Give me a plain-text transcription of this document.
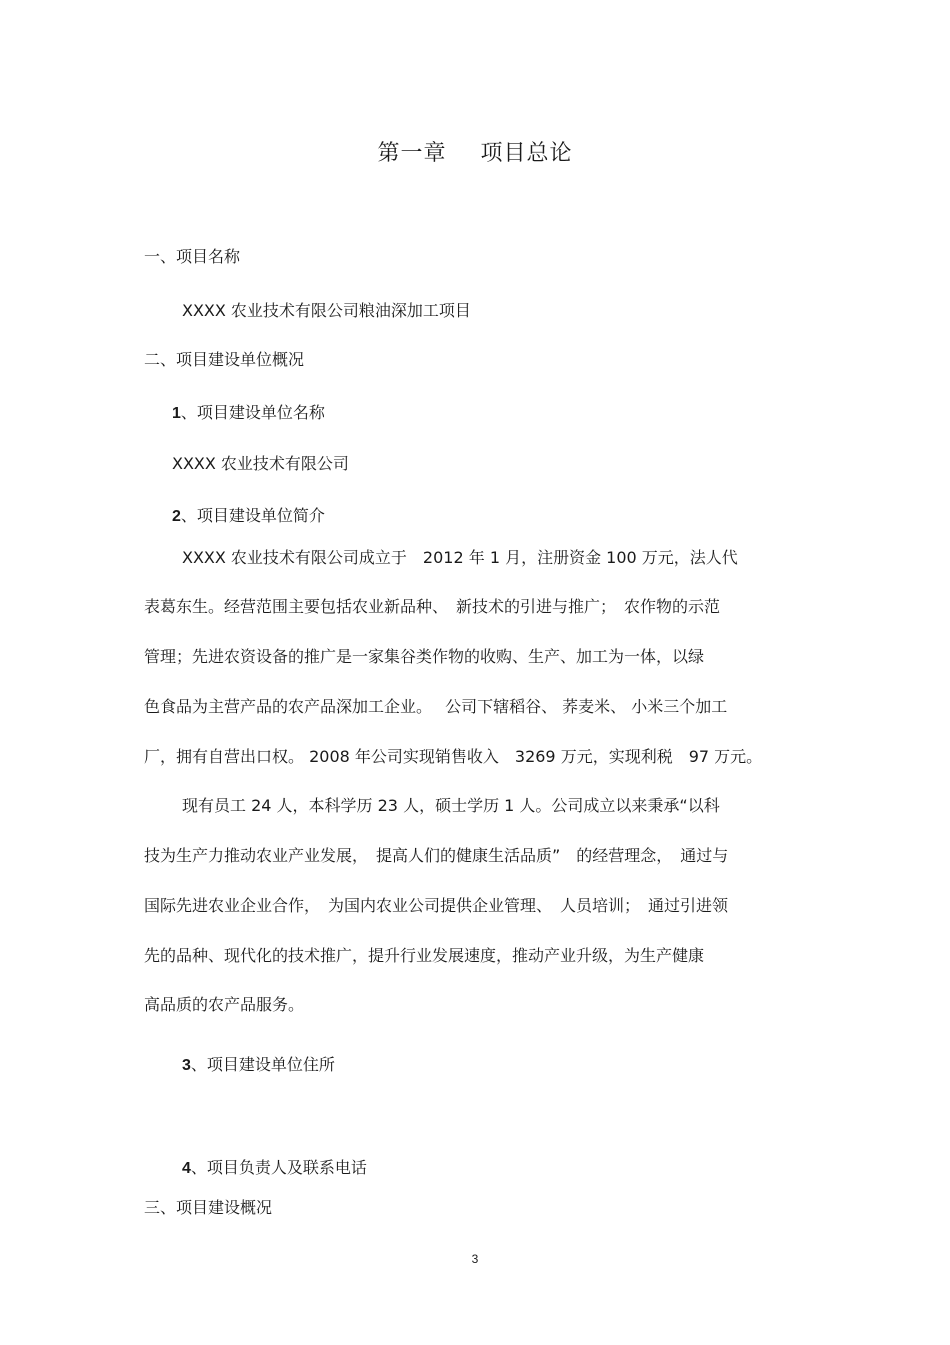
第一章 项目总论
一、项目名称
XXXX 农业技术有限公司粮油深加工项目
二、项目建设单位概况
1、项目建设单位名称
XXXX 农业技术有限公司
2、项目建设单位简介
XXXX 农业技术有限公司成立于　2012 年 1 月，注册资金 100 万元，法人代
表葛东生。经营范围主要包括农业新品种、　新技术的引进与推广；　农作物的示范
管理；先进农资设备的推广是一家集谷类作物的收购、生产、加工为一体，以绿
色食品为主营产品的农产品深加工企业。　 公司下辖稻谷、 荞麦米、 小米三个加工
厂，拥有自营出口权。 2008 年公司实现销售收入　3269 万元，实现利税　97 万元。
现有员工 24 人，本科学历 23 人，硕士学历 1 人。公司成立以来秉承“以科
技为生产力推动农业产业发展，　提高人们的健康生活品质”　的经营理念，　通过与
国际先进农业企业合作，　为国内农业公司提供企业管理、　人员培训；　通过引进领
先的品种、现代化的技术推广，提升行业发展速度，推动产业升级，为生产健康
高品质的农产品服务。
3、项目建设单位住所
4、项目负责人及联系电话
三、项目建设概况
3
